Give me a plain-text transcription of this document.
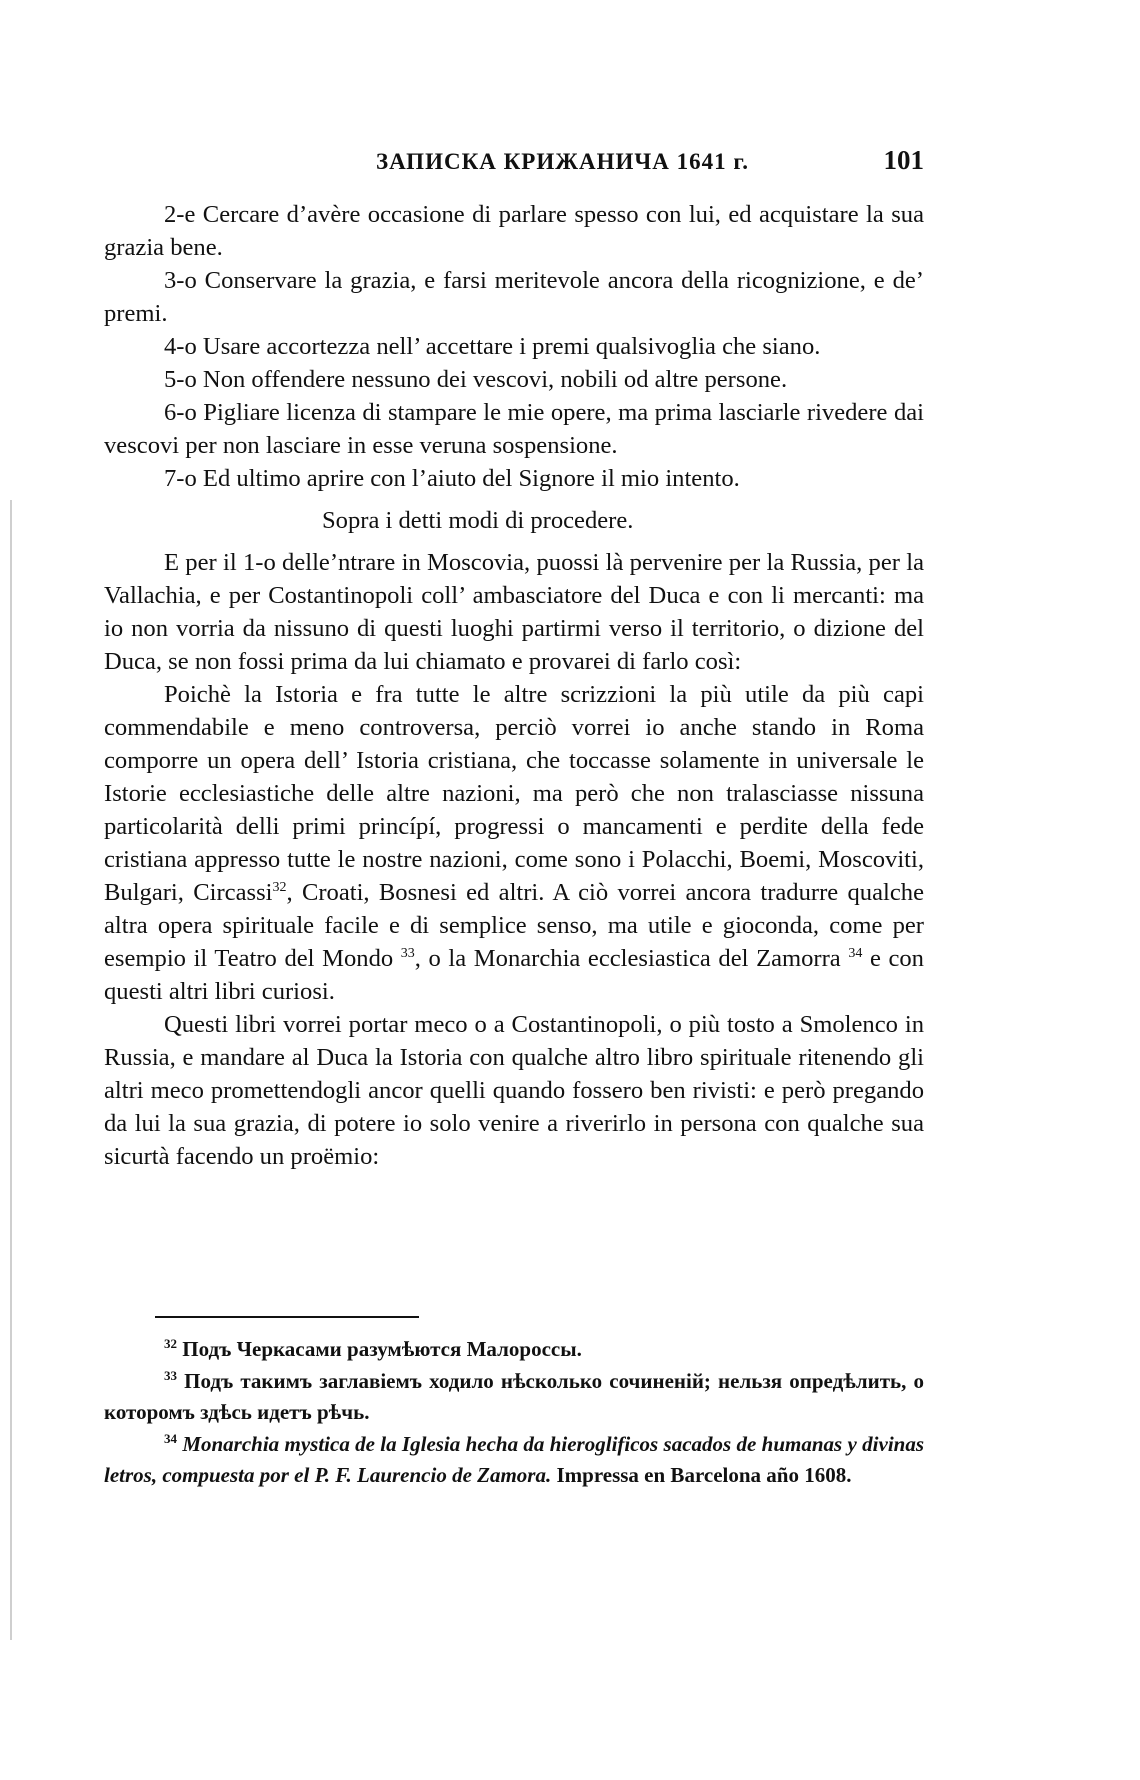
ЗАПИСКА КРИЖАНИЧА 1641 г.	101

2-e Cercare d’avère occasione di parlare spesso con lui, ed acquistare la sua grazia bene.

3-o Conservare la grazia, e farsi meritevole ancora della ricognizione, e de’ premi.

4-o Usare accortezza nell’ accettare i premi qualsivoglia che siano.

5-o Non offendere nessuno dei vescovi, nobili od altre persone.

6-o Pigliare licenza di stampare le mie opere, ma prima lasciarle rivedere dai vescovi per non lasciare in esse veruna sospensione.

7-o Ed ultimo aprire con l’aiuto del Signore il mio intento.

Sopra i detti modi di procedere.

E per il 1-o delle’ntrare in Moscovia, puossi là pervenire per la Russia, per la Vallachia, e per Costantinopoli coll’ ambasciatore del Duca e con li mercanti: ma io non vorria da nissuno di questi luoghi partirmi verso il territorio, o dizione del Duca, se non fossi prima da lui chiamato e provarei di farlo così:

Poichè la Istoria e fra tutte le altre scrizzioni la più utile da più capi commendabile e meno controversa, perciò vorrei io anche stando in Roma comporre un opera dell’ Istoria cristiana, che toccasse solamente in universale le Istorie ecclesiastiche delle altre nazioni, ma però che non tralasciasse nissuna particolarità delli primi princípí, progressi o mancamenti e perdite della fede cristiana appresso tutte le nostre nazioni, come sono i Polacchi, Boemi, Moscoviti, Bulgari, Circassi$^{32}$, Croati, Bosnesi ed altri. A ciò vorrei ancora tradurre qualche altra opera spirituale facile e di semplice senso, ma utile e gioconda, come per esempio il Teatro del Mondo $^{33}$, o la Monarchia ecclesiastica del Zamorra $^{34}$ e con questi altri libri curiosi.

Questi libri vorrei portar meco o a Costantinopoli, o più tosto a Smolenco in Russia, e mandare al Duca la Istoria con qualche altro libro spirituale ritenendo gli altri meco promettendogli ancor quelli quando fossero ben rivisti: e però pregando da lui la sua grazia, di potere io solo venire a riverirlo in persona con qualche sua sicurtà facendo un proëmio:

$^{32}$ Подъ Черкасами разумѣются Малороссы.

$^{33}$ Подъ такимъ заглавіемъ ходило нѣсколько сочиненій; нельзя опредѣлить, о которомъ здѣсь идетъ рѣчь.

$^{34}$ Monarchia mystica de la Iglesia hecha da hieroglificos sacados de humanas y divinas letros, compuesta por el P. F. Laurencio de Zamora. Impressa en Barcelona año 1608.
